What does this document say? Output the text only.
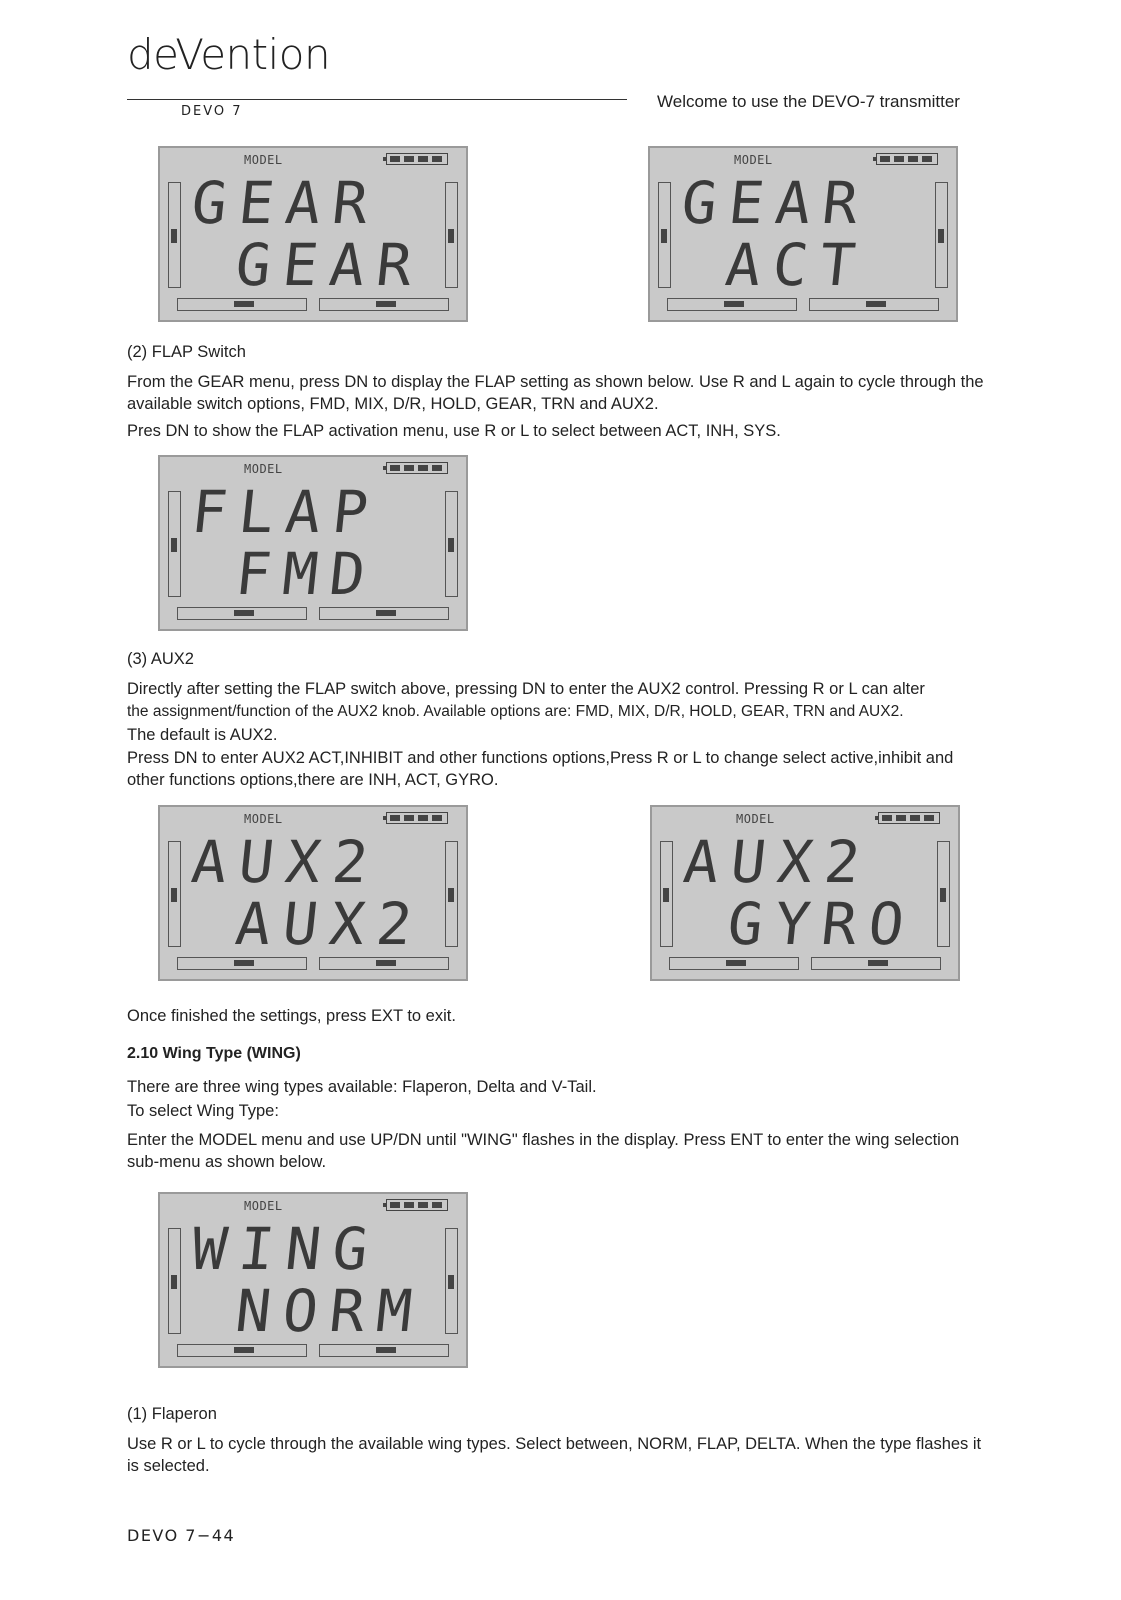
deVention
DEVO 7
Welcome to use the DEVO-7 transmitter
MODEL
GEAR
GEAR
MODEL
GEAR
ACT
(2) FLAP Switch
From the GEAR menu, press DN to display the FLAP setting as shown below. Use R and L again to cycle through the available switch options, FMD, MIX, D/R, HOLD, GEAR, TRN and AUX2.
Pres DN to show the FLAP activation menu, use R or L to select between ACT, INH, SYS.
MODEL
FLAP
FMD
(3) AUX2
Directly after setting the FLAP switch above, pressing DN to enter the AUX2 control. Pressing R or L can alter
the assignment/function of the AUX2 knob. Available options are: FMD, MIX, D/R, HOLD, GEAR, TRN and AUX2.
The default is AUX2.
Press DN to enter AUX2 ACT,INHIBIT and other functions options,Press R or L to change select active,inhibit and other functions options,there are INH, ACT, GYRO.
MODEL
AUX2
AUX2
MODEL
AUX2
GYRO
Once finished the settings, press EXT to exit.
2.10 Wing Type (WING)
There are three wing types available: Flaperon, Delta and V-Tail.
To select Wing Type:
Enter the MODEL menu and use UP/DN until "WING" flashes in the display. Press ENT to enter the wing selection sub-menu as shown below.
MODEL
WING
NORM
(1) Flaperon
Use R or L to cycle through the available wing types. Select between, NORM, FLAP, DELTA. When the type flashes it is selected.
DEVO 7−44
